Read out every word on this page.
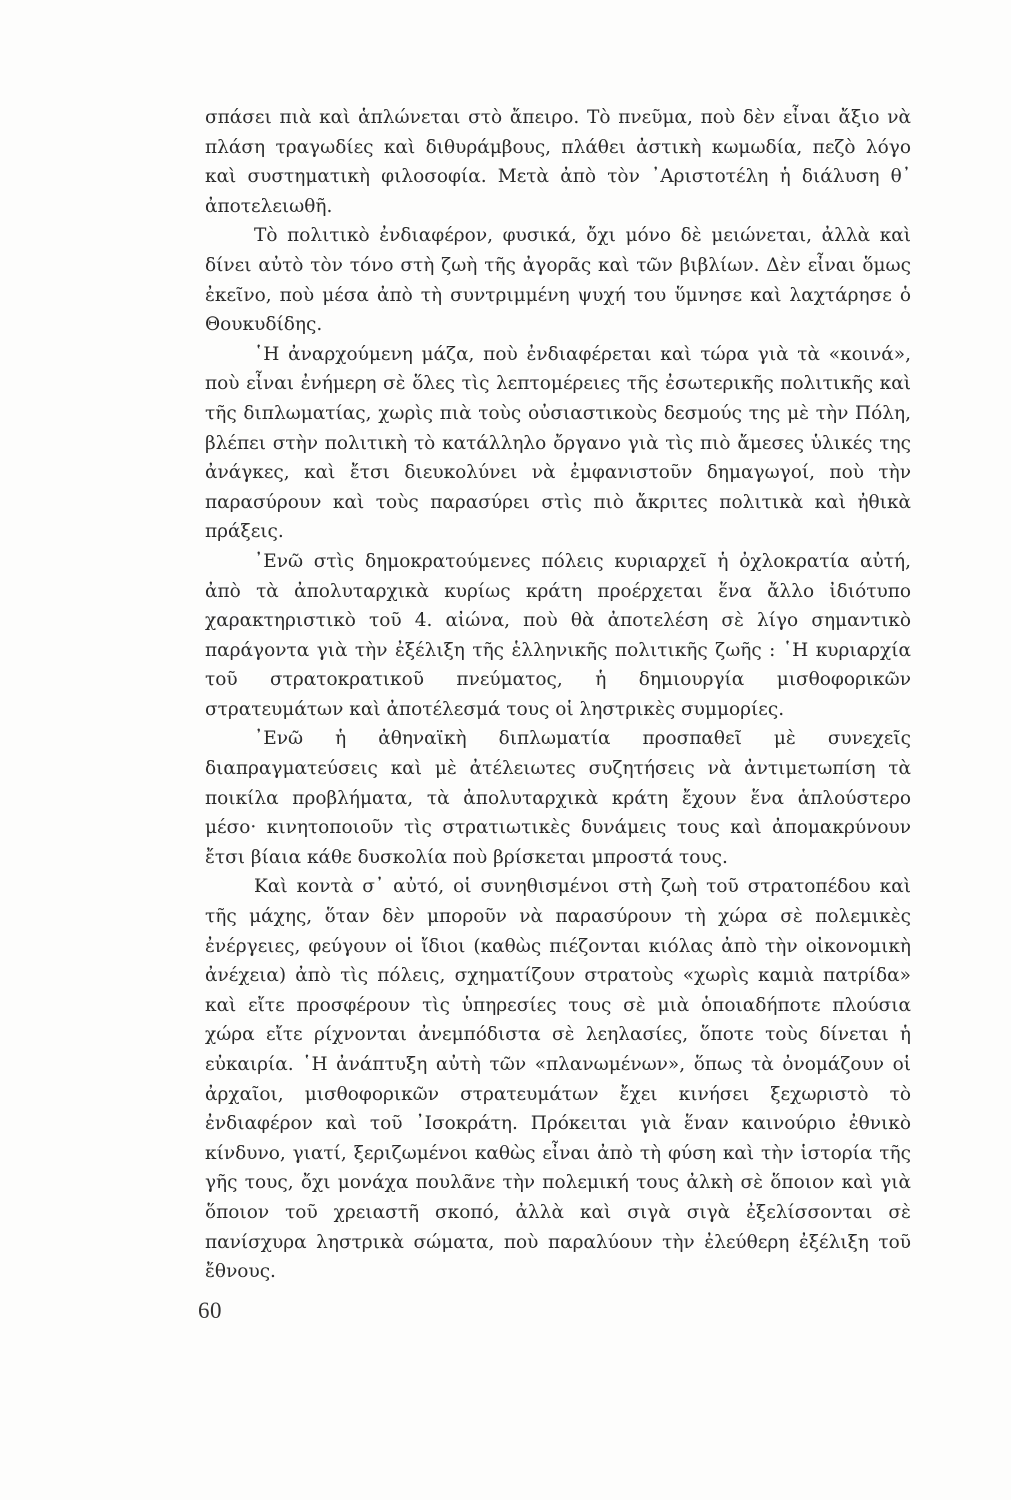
σπάσει πιὰ καὶ ἁπλώνεται στὸ ἄπειρο. Τὸ πνεῦμα, ποὺ δὲν εἶναι ἄξιο νὰ πλάση τραγωδίες καὶ διθυράμβους, πλάθει ἀστικὴ κωμωδία, πεζὸ λόγο καὶ συστηματικὴ φιλοσοφία. Μετὰ ἀπὸ τὸν ᾿Αριστοτέλη ἡ διάλυση θ᾿ ἀποτελειωθῆ.

Τὸ πολιτικὸ ἐνδιαφέρον, φυσικά, ὄχι μόνο δὲ μειώνεται, ἀλλὰ καὶ δίνει αὐτὸ τὸν τόνο στὴ ζωὴ τῆς ἀγορᾶς καὶ τῶν βιβλίων. Δὲν εἶναι ὅμως ἐκεῖνο, ποὺ μέσα ἀπὸ τὴ συντριμμένη ψυχή του ὕμνησε καὶ λαχτάρησε ὁ Θουκυδίδης.

῾Η ἀναρχούμενη μάζα, ποὺ ἐνδιαφέρεται καὶ τώρα γιὰ τὰ «κοινά», ποὺ εἶναι ἐνήμερη σὲ ὅλες τὶς λεπτομέρειες τῆς ἐσωτερικῆς πολιτικῆς καὶ τῆς διπλωματίας, χωρὶς πιὰ τοὺς οὐσιαστικοὺς δεσμούς της μὲ τὴν Πόλη, βλέπει στὴν πολιτικὴ τὸ κατάλληλο ὄργανο γιὰ τὶς πιὸ ἄμεσες ὑλικές της ἀνάγκες, καὶ ἔτσι διευκολύνει νὰ ἐμφανιστοῦν δημαγωγοί, ποὺ τὴν παρασύρουν καὶ τοὺς παρασύρει στὶς πιὸ ἄκριτες πολιτικὰ καὶ ἠθικὰ πράξεις.

᾿Ενῶ στὶς δημοκρατούμενες πόλεις κυριαρχεῖ ἡ ὀχλοκρατία αὐτή, ἀπὸ τὰ ἀπολυταρχικὰ κυρίως κράτη προέρχεται ἕνα ἄλλο ἰδιότυπο χαρακτηριστικὸ τοῦ 4. αἰώνα, ποὺ θὰ ἀποτελέση σὲ λίγο σημαντικὸ παράγοντα γιὰ τὴν ἐξέλιξη τῆς ἑλληνικῆς πολιτικῆς ζωῆς : ῾Η κυριαρχία τοῦ στρατοκρατικοῦ πνεύματος, ἡ δημιουργία μισθοφορικῶν στρατευμάτων καὶ ἀποτέλεσμά τους οἱ ληστρικὲς συμμορίες.

᾿Ενῶ ἡ ἀθηναϊκὴ διπλωματία προσπαθεῖ μὲ συνεχεῖς διαπραγματεύσεις καὶ μὲ ἀτέλειωτες συζητήσεις νὰ ἀντιμετωπίση τὰ ποικίλα προβλήματα, τὰ ἀπολυταρχικὰ κράτη ἔχουν ἕνα ἁπλούστερο μέσο· κινητοποιοῦν τὶς στρατιωτικὲς δυνάμεις τους καὶ ἀπομακρύνουν ἔτσι βίαια κάθε δυσκολία ποὺ βρίσκεται μπροστά τους.

Καὶ κοντὰ σ᾿ αὐτό, οἱ συνηθισμένοι στὴ ζωὴ τοῦ στρατοπέδου καὶ τῆς μάχης, ὅταν δὲν μποροῦν νὰ παρασύρουν τὴ χώρα σὲ πολεμικὲς ἐνέργειες, φεύγουν οἱ ἴδιοι (καθὼς πιέζονται κιόλας ἀπὸ τὴν οἰκονομικὴ ἀνέχεια) ἀπὸ τὶς πόλεις, σχηματίζουν στρατοὺς «χωρὶς καμιὰ πατρίδα» καὶ εἴτε προσφέρουν τὶς ὑπηρεσίες τους σὲ μιὰ ὁποιαδήποτε πλούσια χώρα εἴτε ρίχνονται ἀνεμπόδιστα σὲ λεηλασίες, ὅποτε τοὺς δίνεται ἡ εὐκαιρία. ῾Η ἀνάπτυξη αὐτὴ τῶν «πλανωμένων», ὅπως τὰ ὀνομάζουν οἱ ἀρχαῖοι, μισθοφορικῶν στρατευμάτων ἔχει κινήσει ξεχωριστὸ τὸ ἐνδιαφέρον καὶ τοῦ ᾿Ισοκράτη. Πρόκειται γιὰ ἕναν καινούριο ἐθνικὸ κίνδυνο, γιατί, ξεριζωμένοι καθὼς εἶναι ἀπὸ τὴ φύση καὶ τὴν ἱστορία τῆς γῆς τους, ὄχι μονάχα πουλᾶνε τὴν πολεμική τους ἀλκὴ σὲ ὅποιον καὶ γιὰ ὅποιον τοῦ χρειαστῆ σκοπό, ἀλλὰ καὶ σιγὰ σιγὰ ἐξελίσσονται σὲ πανίσχυρα ληστρικὰ σώματα, ποὺ παραλύουν τὴν ἐλεύθερη ἐξέλιξη τοῦ ἔθνους.

60
